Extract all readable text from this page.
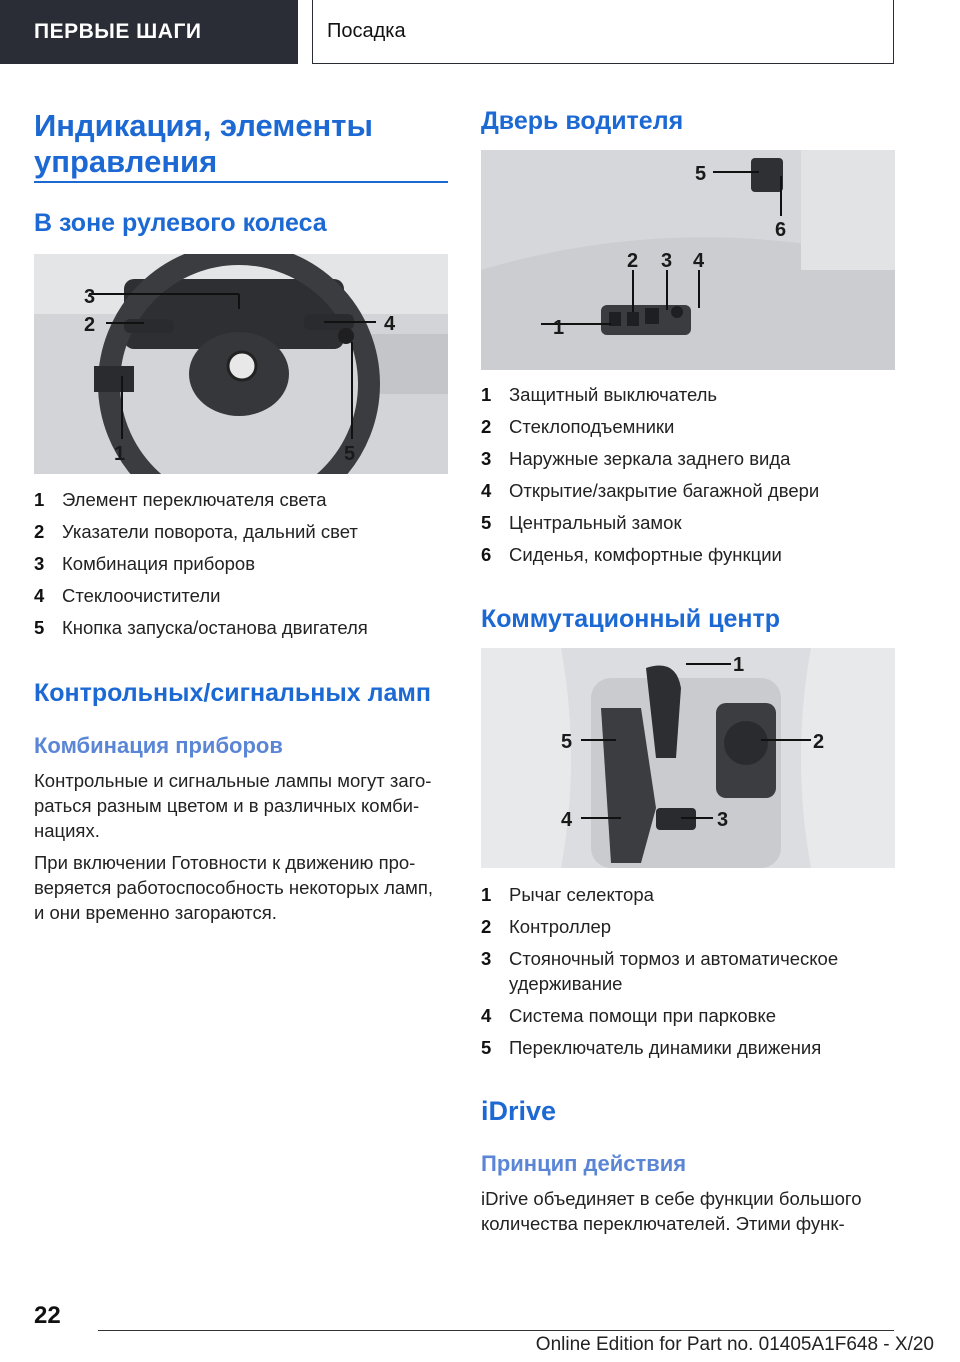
ПЕРВЫЕ ШАГИ	Посадка
Индикация, элементы
управления
В зоне рулевого колеса
3
2	4
1	5
1 Элемент переключателя света
2 Указатели поворота, дальний свет
3 Комбинация приборов
4 Стеклоочистители
5 Кнопка запуска/останова двигателя
Контрольных/сигнальных ламп
Комбинация приборов
Контрольные и сигнальные лампы могут заго-
раться разным цветом и в различных комби-
нациях.
При включении Готовности к движению про-
веряется работоспособность некоторых ламп,
и они временно загораются.
Дверь водителя
1
2 3 4
5
6
1 Защитный выключатель
2 Стеклоподъемники
3 Наружные зеркала заднего вида
4 Открытие/закрытие багажной двери
5 Центральный замок
6 Сиденья, комфортные функции
Коммутационный центр
1
2
3
4
5
1 Рычаг селектора
2 Контроллер
3 Стояночный тормоз и автоматическое удерживание
4 Система помощи при парковке
5 Переключатель динамики движения
iDrive
Принцип действия
iDrive объединяет в себе функции большого
количества переключателей. Этими функ-
22
Online Edition for Part no. 01405A1F648 - X/20
